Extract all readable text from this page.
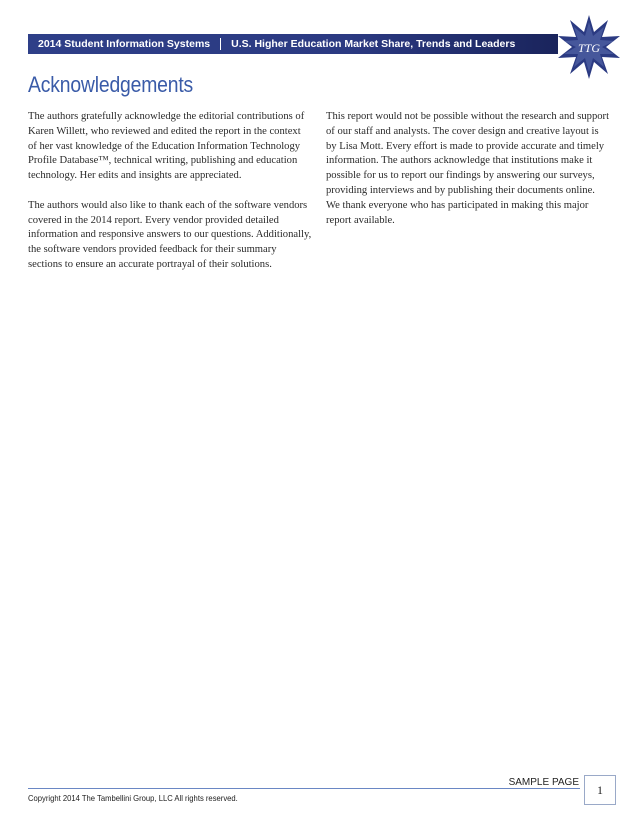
2014 Student Information Systems U.S. Higher Education Market Share, Trends and Leaders	TTG
Acknowledgements

The authors gratefully acknowledge the editorial contributions of Karen Willett, who reviewed and edited the report in the context of her vast knowledge of the Education Information Technology Profile Database™, technical writing, publishing and education technology. Her edits and insights are appreciated.

The authors would also like to thank each of the software vendors covered in the 2014 report. Every vendor provided detailed information and responsive answers to our questions. Additionally, the software vendors provided feedback for their summary sections to ensure an accurate portrayal of their solutions.

This report would not be possible without the research and support of our staff and analysts. The cover design and creative layout is by Lisa Mott. Every effort is made to provide accurate and timely information. The authors acknowledge that institutions make it possible for us to report our findings by answering our surveys, providing interviews and by publishing their documents online. We thank everyone who has participated in making this major report available.

SAMPLE PAGE
1
Copyright 2014 The Tambellini Group, LLC All rights reserved.
